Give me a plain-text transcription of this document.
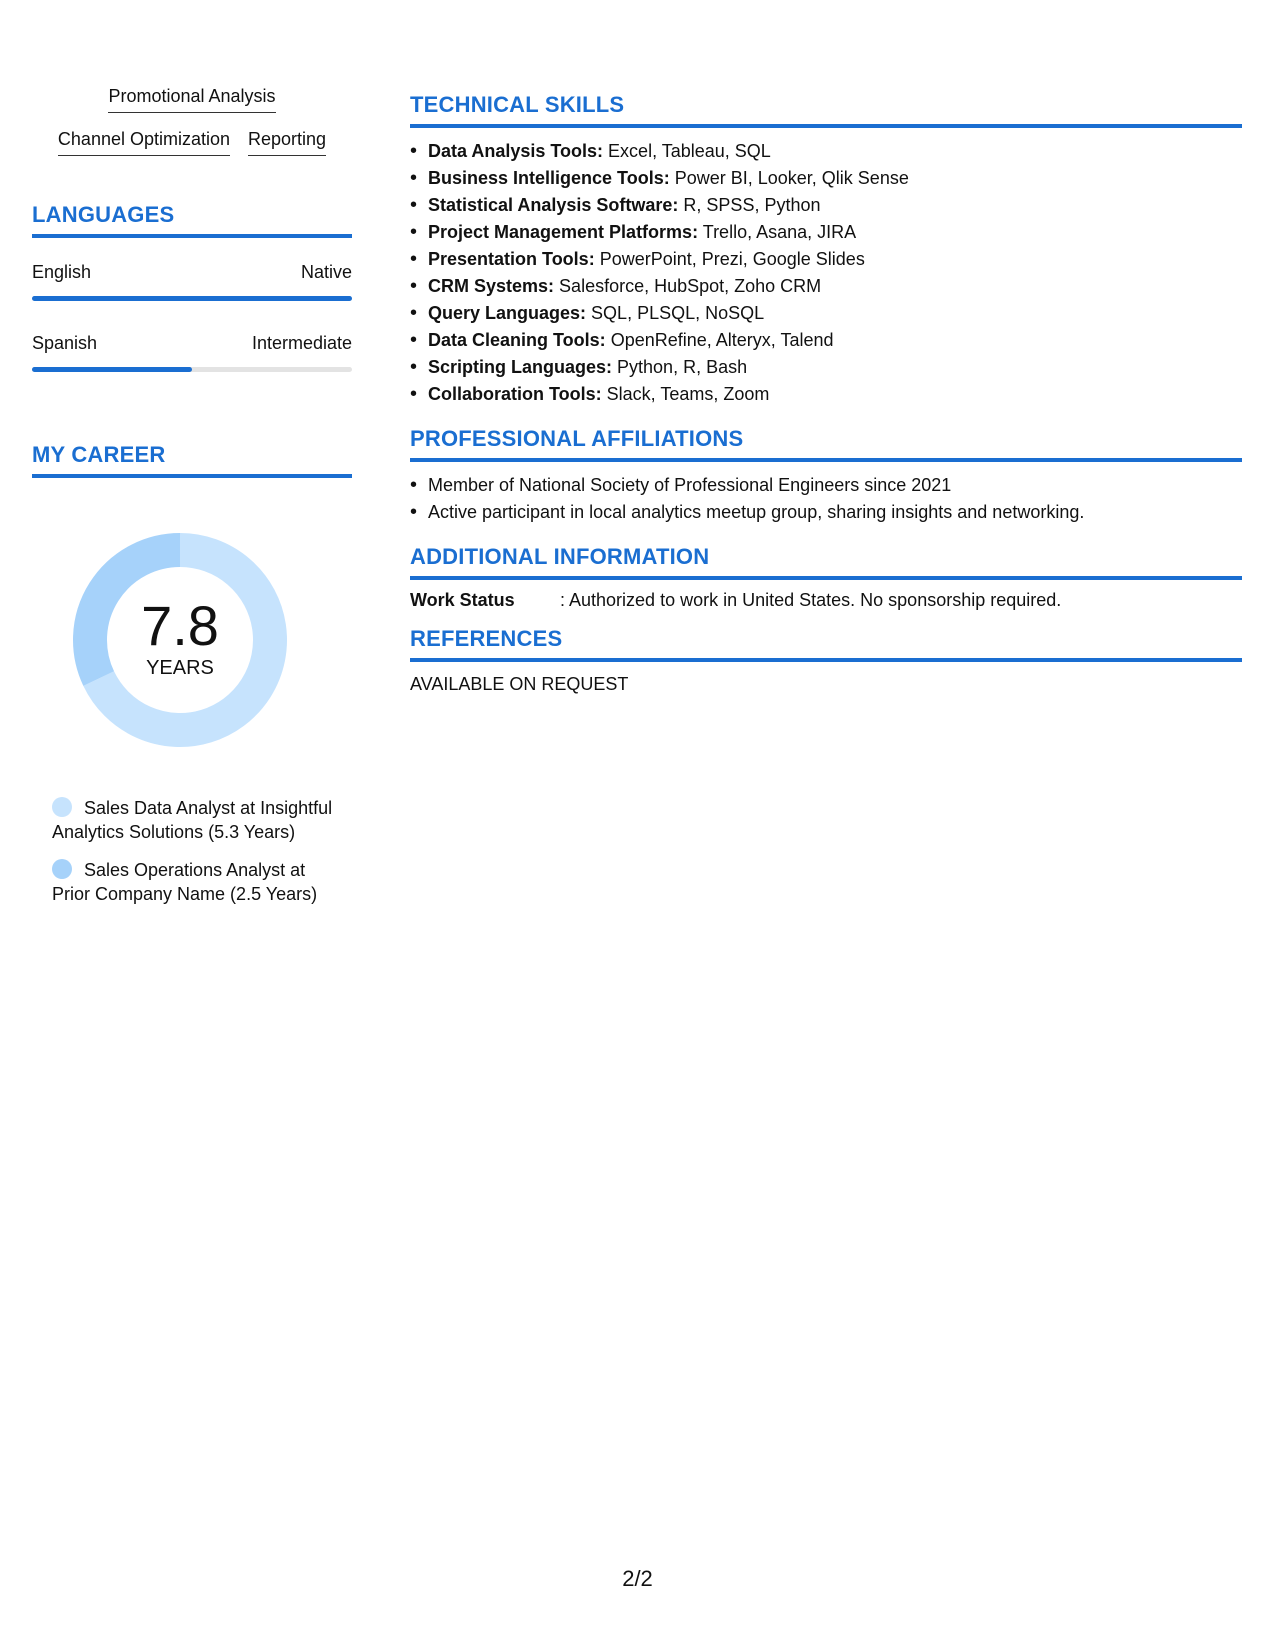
Promotional Analysis
Channel Optimization Reporting
LANGUAGES
English	Native
Spanish	Intermediate
MY CAREER
7.8
YEARS
Sales Data Analyst at Insightful Analytics Solutions (5.3 Years)
Sales Operations Analyst at Prior Company Name (2.5 Years)
TECHNICAL SKILLS
• Data Analysis Tools: Excel, Tableau, SQL
• Business Intelligence Tools: Power BI, Looker, Qlik Sense
• Statistical Analysis Software: R, SPSS, Python
• Project Management Platforms: Trello, Asana, JIRA
• Presentation Tools: PowerPoint, Prezi, Google Slides
• CRM Systems: Salesforce, HubSpot, Zoho CRM
• Query Languages: SQL, PLSQL, NoSQL
• Data Cleaning Tools: OpenRefine, Alteryx, Talend
• Scripting Languages: Python, R, Bash
• Collaboration Tools: Slack, Teams, Zoom
PROFESSIONAL AFFILIATIONS
• Member of National Society of Professional Engineers since 2021
• Active participant in local analytics meetup group, sharing insights and networking.
ADDITIONAL INFORMATION
Work Status	: Authorized to work in United States. No sponsorship required.
REFERENCES
AVAILABLE ON REQUEST
2/2
